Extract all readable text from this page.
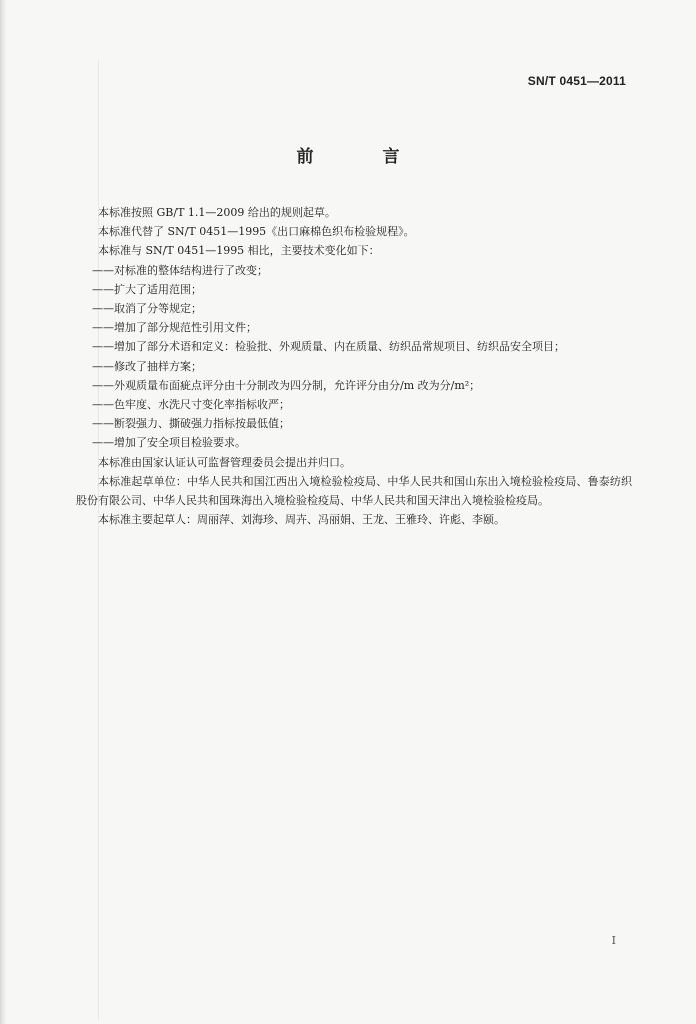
SN/T 0451—2011
前　言

本标准按照 GB/T 1.1—2009 给出的规则起草。

本标准代替了 SN/T 0451—1995《出口麻棉色织布检验规程》。

本标准与 SN/T 0451—1995 相比，主要技术变化如下：

——对标准的整体结构进行了改变；

——扩大了适用范围；

——取消了分等规定；

——增加了部分规范性引用文件；

——增加了部分术语和定义：检验批、外观质量、内在质量、纺织品常规项目、纺织品安全项目；

——修改了抽样方案；

——外观质量布面疵点评分由十分制改为四分制，允许评分由分/m 改为分/m²；

——色牢度、水洗尺寸变化率指标收严；

——断裂强力、撕破强力指标按最低值；

——增加了安全项目检验要求。

本标准由国家认证认可监督管理委员会提出并归口。

本标准起草单位：中华人民共和国江西出入境检验检疫局、中华人民共和国山东出入境检验检疫局、鲁泰纺织股份有限公司、中华人民共和国珠海出入境检验检疫局、中华人民共和国天津出入境检验检疫局。

本标准主要起草人：周丽萍、刘海珍、周卉、冯丽娟、王龙、王雅玲、许彪、李颐。

I
